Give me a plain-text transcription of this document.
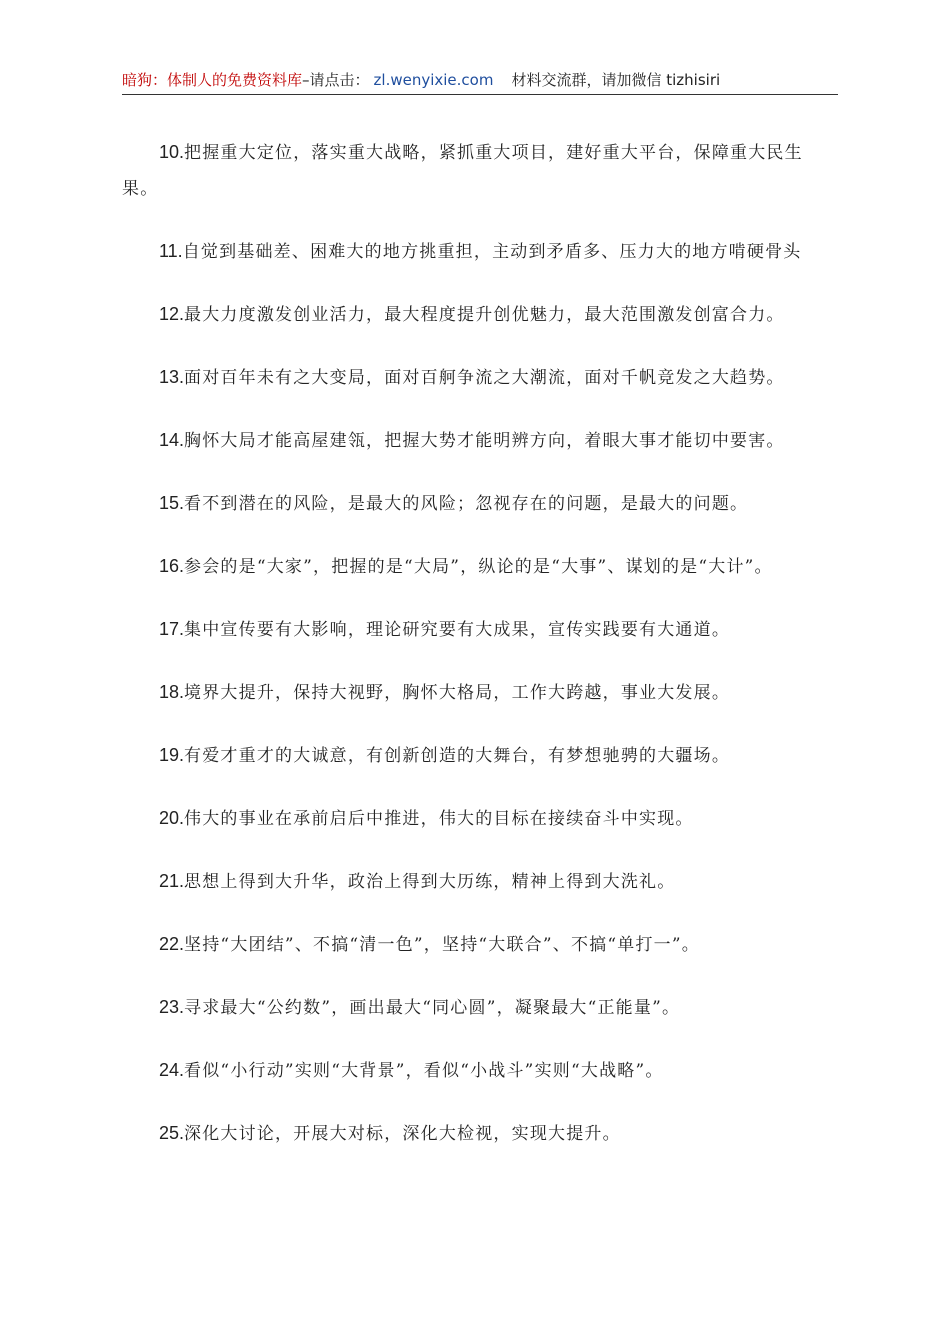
暗狗：体制人的免费资料库–请点击： zl.wenyixie.com 材料交流群，请加微信 tizhisiri

10.把握重大定位，落实重大战略，紧抓重大项目，建好重大平台，保障重大民生果。

11.自觉到基础差、困难大的地方挑重担，主动到矛盾多、压力大的地方啃硬骨头

12.最大力度激发创业活力，最大程度提升创优魅力，最大范围激发创富合力。

13.面对百年未有之大变局，面对百舸争流之大潮流，面对千帆竞发之大趋势。

14.胸怀大局才能高屋建瓴，把握大势才能明辨方向，着眼大事才能切中要害。

15.看不到潜在的风险，是最大的风险；忽视存在的问题，是最大的问题。

16.参会的是“大家”，把握的是“大局”，纵论的是“大事”、谋划的是“大计”。

17.集中宣传要有大影响，理论研究要有大成果，宣传实践要有大通道。

18.境界大提升，保持大视野，胸怀大格局，工作大跨越，事业大发展。

19.有爱才重才的大诚意，有创新创造的大舞台，有梦想驰骋的大疆场。

20.伟大的事业在承前启后中推进，伟大的目标在接续奋斗中实现。

21.思想上得到大升华，政治上得到大历练，精神上得到大洗礼。

22.坚持“大团结”、不搞“清一色”，坚持“大联合”、不搞“单打一”。

23.寻求最大“公约数”，画出最大“同心圆”，凝聚最大“正能量”。

24.看似“小行动”实则“大背景”，看似“小战斗”实则“大战略”。

25.深化大讨论，开展大对标，深化大检视，实现大提升。
